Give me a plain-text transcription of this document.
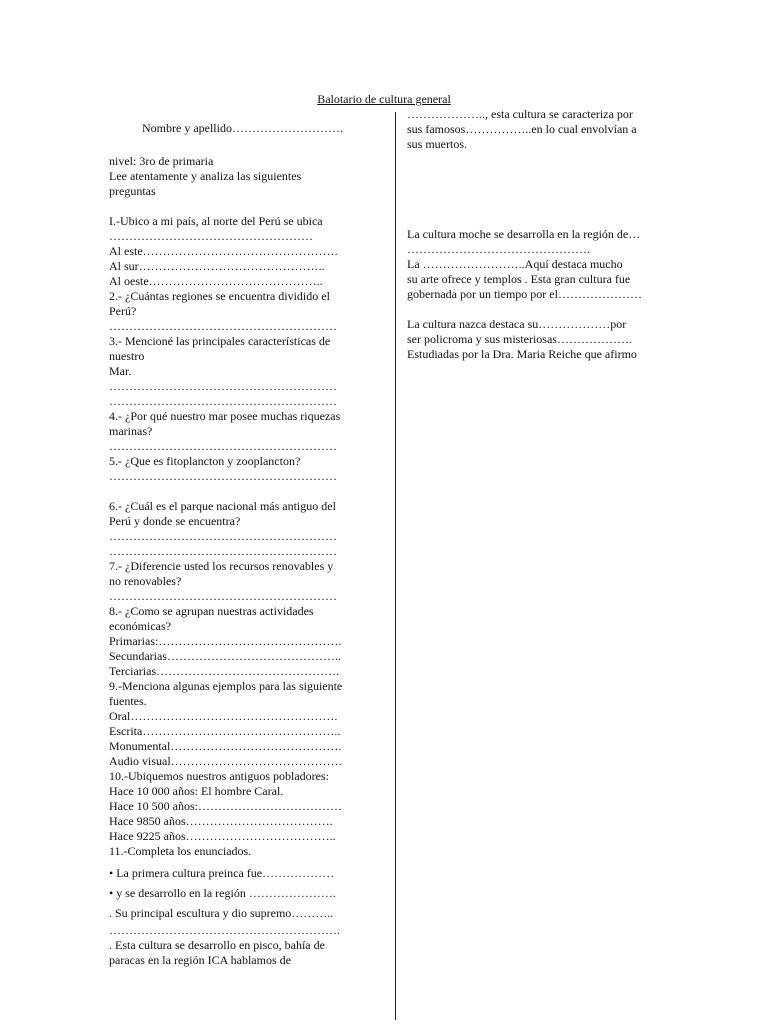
Balotario de cultura general

Nombre y apellido……………………….

nivel: 3ro de primaria

Lee atentamente y analiza las siguientes

preguntas

I.-Ubico a mi país, al norte del Perú se ubica

……………………………………………

Al este………………………………………….

Al sur………………………………………..

Al oeste……………………………………..

2.- ¿Cuántas regiones se encuentra dividido el

Perú?

…………………………………………………

3.- Mencioné las principales características de

nuestro

Mar.

…………………………………………………

…………………………………………………

4.- ¿Por qué nuestro mar posee muchas riquezas

marinas?

…………………………………………………

5.- ¿Que es fitoplancton y zooplancton?

…………………………………………………

6.- ¿Cuál es el parque nacional más antiguo del

Perú y donde se encuentra?

…………………………………………………

…………………………………………………

7.- ¿Diferencie usted los recursos renovables y

no renovables?

…………………………………………………

8.- ¿Como se agrupan nuestras actividades

económicas?

Primarias:……………………………………….

Secundarias……………………………………..

Terciarias……………………………………….

9.-Menciona algunas ejemplos para las siguiente

fuentes.

Oral…………………………………………….

Escrita…………………………………………..

Monumental…………………………………….

Audio visual…………………………………….

10.-Ubiquemos nuestros antiguos pobladores:

Hace 10 000 años: El hombre Caral.

Hace 10 500 años:………………………………

Hace 9850 años……………………………….

Hace 9225 años………………………………..

11.-Completa los enunciados.

• La primera cultura preinca fue………………

• y se desarrollo en la región ………………….

. Su principal escultura y dio supremo………..

………………………………………………….

. Esta cultura se desarrollo en pisco, bahía de

paracas en la región ICA hablamos de

……………….., esta cultura se caracteriza por

sus famosos……………..en lo cual envolvían a

sus muertos.

La cultura moche se desarrolla en la región de…

……………………………………….

La ……………………..Aquí destaca mucho

su arte ofrece y templos . Esta gran cultura fue

gobernada por un tiempo por el…………………

La cultura nazca destaca su………………por

ser policroma y sus misteriosas……………….

Estudiadas por la Dra. Maria Reiche que afirmo
